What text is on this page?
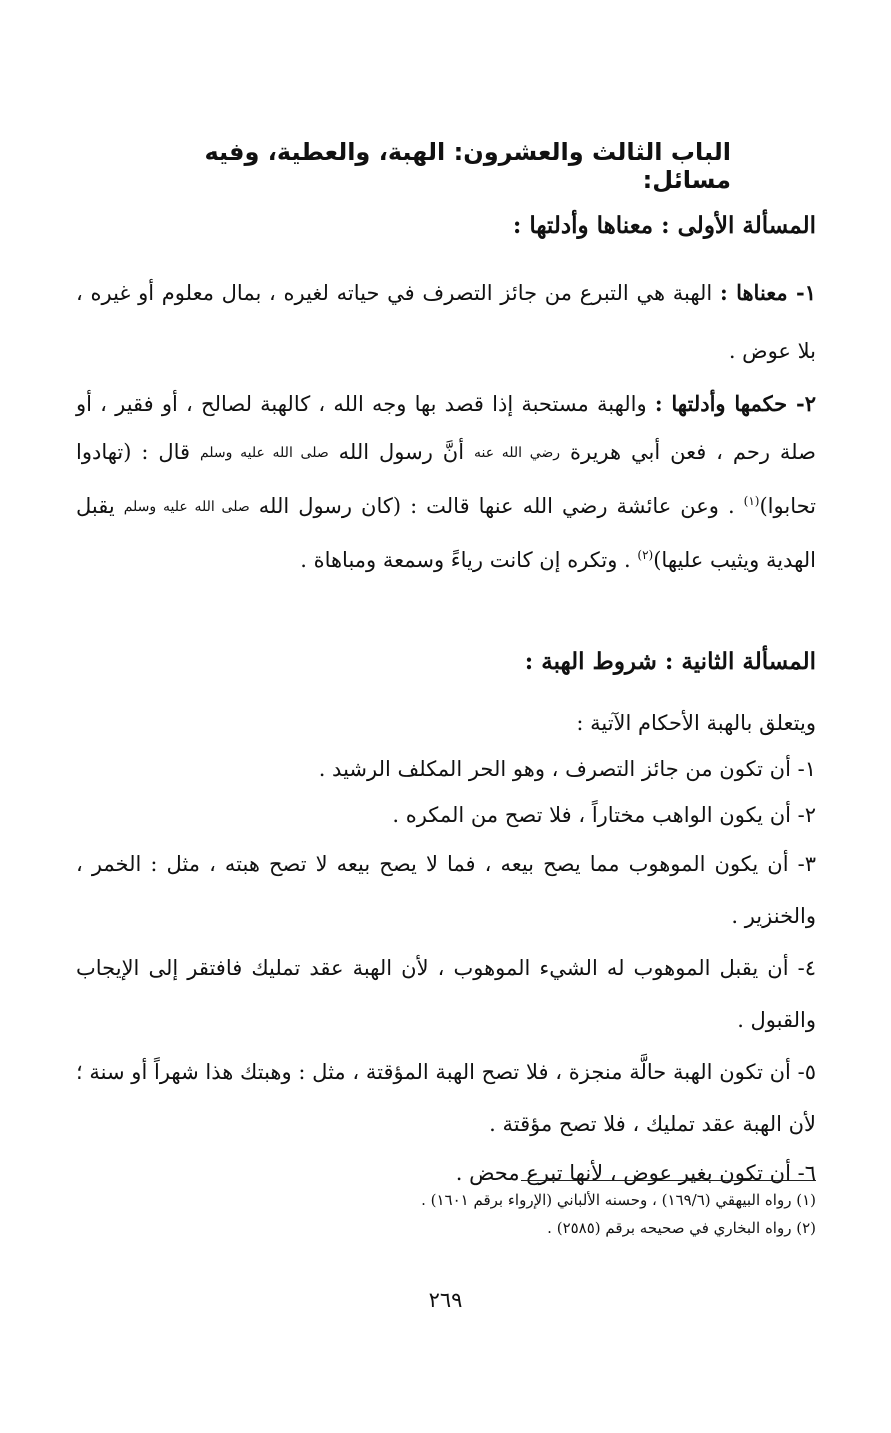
الباب الثالث والعشرون: الهبة، والعطية، وفيه مسائل:
المسألة الأولى : معناها وأدلتها :

١- معناها : الهبة هي التبرع من جائز التصرف في حياته لغيره ، بمال معلوم أو غيره ، بلا عوض .

٢- حكمها وأدلتها : والهبة مستحبة إذا قصد بها وجه الله ، كالهبة لصالح ، أو فقير ، أو صلة رحم ، فعن أبي هريرة رضي الله عنه أنَّ رسول الله صلى الله عليه وسلم قال : (تهادوا تحابوا)$^{(١)}$ . وعن عائشة رضي الله عنها قالت : (كان رسول الله صلى الله عليه وسلم يقبل الهدية ويثيب عليها)$^{(٢)}$ . وتكره إن كانت رياءً وسمعة ومباهاة .

المسألة الثانية : شروط الهبة :

ويتعلق بالهبة الأحكام الآتية :

١- أن تكون من جائز التصرف ، وهو الحر المكلف الرشيد .

٢- أن يكون الواهب مختاراً ، فلا تصح من المكره .

٣- أن يكون الموهوب مما يصح بيعه ، فما لا يصح بيعه لا تصح هبته ، مثل : الخمر ، والخنزير .

٤- أن يقبل الموهوب له الشيء الموهوب ، لأن الهبة عقد تمليك فافتقر إلى الإيجاب والقبول .

٥- أن تكون الهبة حالَّة منجزة ، فلا تصح الهبة المؤقتة ، مثل : وهبتك هذا شهراً أو سنة ؛ لأن الهبة عقد تمليك ، فلا تصح مؤقتة .

٦- أن تكون بغير عوض ، لأنها تبرع محض .

(١) رواه البيهقي (١٦٩/٦) ، وحسنه الألباني (الإرواء برقم ١٦٠١) .

(٢) رواه البخاري في صحيحه برقم (٢٥٨٥) .

٢٦٩
